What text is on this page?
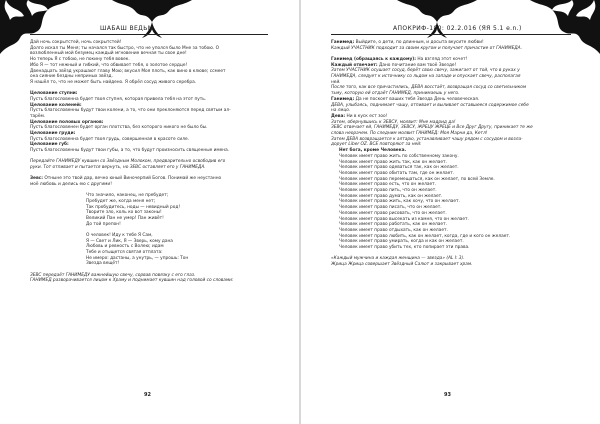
ШАБАШ ВЕДЬМ

Дай ночь сокрытстей, ночь сокрытстей!

Долго искал ты Меня; ты начался так быстро, что не уполся было Мне за тобою. О

возлюбленный мой безумец каждый мгновение вечная ты свое дне!

Но теперь Я с тобою, не покину тебя вовек.

Ибо Я — тот нежный и гибкий, что обвивает тебя, о золотое сердце!

Двенадцать звёзд украшают главу Мою; вкусил Моя плоть, как вино в клюве; ссмеет

она сияние бездны неприных звёзд.

Я нашёл то, что не может быть найдено. Я обрёл сосуд живого серебра.

Целование ступни:

Пусть благословенна будет твоя ступня, которая привела тебя на этот путь.

Целование коленей:

Пусть благословенны будут твои колени, а то, что они преклоняются перед святым ал-

тарём.

Целование половых органов:

Пусть благословенен будет орган плотства, без которого никого не было бы.

Целование груди:

Пусть благословенна будет твоя грудь, совершенная в красоте силе.

Целование губ:

Пусть благословенны будут твои губы, а то, что будут произносить священные имена.

Передайте ГАНИМЕДУ кувшин со Звёздным Молоком, предварительно освободив его

руки. Тот отпивает и пытается вернуть, но ЗЕВС оставляет его у ГАНИМЕДА.

Зевс: Отныне это твой дар, вечно юный Виночерпий Богов. Понимай же неустанно

моё любовь и делись ею с другими!

Что значило, наконец, не пребудет;

Пребудет же, когда меня нет;

Так пробудитесь, ноды — невидный род!

Творите зло, коль ко вот законы!

Великий Пан не умер! Пан живёт!

До той препон!

О человек! Иду к тебе Я Сам,

Я — Свет и Лик, Я — Зверь, кому дана

Любовь и ревность с Волею; идам

Тебе и отыщется святая отплата:

Не имеро: дастаны, а унутрь, — упрошь: Тон

Звезда вещёт!

ЗЕВС передаёт ГАНИМЕДУ важнейшую свечу, сорвав повязку с его глаз.

ГАНИМЕД разворачивается лицом к Храму и поднимает кувшин над головой со словами:

92
АПОКРИФ-100: 02.2.016 (ЯЯ 5.1 e.n.)

Ганимед: Выйдите, о дети, по длинным, и досыта вкусите любви!

Каждый УЧАСТНИК подходит за своим кругом и получает причастие от ГАНИМЕДА.

Ганимед (обращаясь к каждому): На взгляд этот кочет!

Каждый отвечает: Дано почитание вам твоё Звезде!

Затем УЧАСТНИК осушает сосуд, берёт свою свечу, зажигает от той, что в руках у

ГАНИМЕДА, следует к источнику со льдом на западе и опускает свечу, располагая

ней.

После того, как все причастились, ДЕВА восстаёт, возвращая сосуд со светильником

тьму, которую ей отдаёт ГАНИМЕД, принимаешь у него.

Ганимед: Да не поскоет ваших тебя Звезда День человеческая.

ДЕВА, улыбаясь, поднимает чашу, отпивает и выливает оставшееся содержимое себе

на лицо.

Дева: Ни в куск ест зоо!

Затем, обернувшись к ЗЕВСУ, молвит: Мне мадрид да!

ЗЕВС отвечает ей, ГАНИМЕДУ, ЗЕВСУ, ЖРЕЦУ ЖРЕЦЕ и Все Друг Другу, приникает те же

слова неорачем. По следним молвит ГАНИМЕД: Моя Марни да, Кетл!

Затем ДЕВА возвращается к алтарю, устанавливает чашу рядом с сосудом и возла-

дорует Liber OZ. ВСЕ повторяют за ней:

Нет бога, кроме Человека.

Человек имеет право жить по собственному закону.

Человек имеет право жить так, как он желает.

Человек имеет право одеваться так, как он желает.

Человек имеет право обитать там, где он желает.

Человек имеет право перемещаться, как он желает, по всей Земле.

Человек имеет право есть, что он желает.

Человек имеет право пить, что он желает.

Человек имеет право думать, как он желает.

Человек имеет право жить, как хочу, что он желает.

Человек имеет право писать, что он желает.

Человек имеет право рисовать, что он желает.

Человек имеет право высекать из камня, что он желает.

Человек имеет право работать, как он желает.

Человек имеет право отдыхать, как он желает.

Человек имеет право любить, как он желает, когда, где и кого он желает.

Человек имеет право умирать, когда и как он желает.

Человек имеет право убить тех, кто попирает эти права.

«Каждый мужчина и каждая женщина — звезда» (AL I: 3).

Жрица Жрица совершает Звёздный Салют и закрывает храм.

93
